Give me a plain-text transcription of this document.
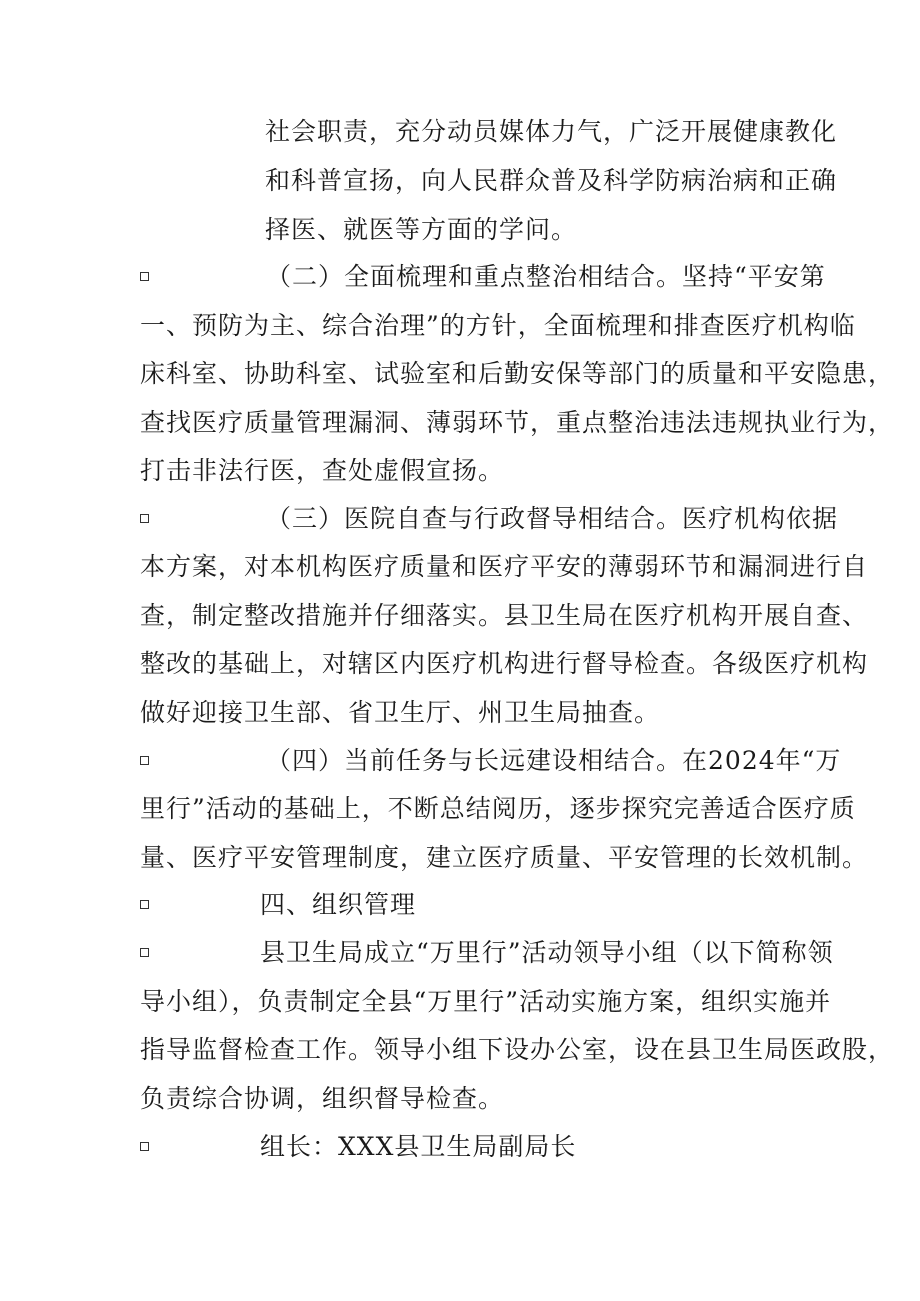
社会职责，充分动员媒体力气，广泛开展健康教化
和科普宣扬，向人民群众普及科学防病治病和正确
择医、就医等方面的学问。
（二）全面梳理和重点整治相结合。坚持“平安第
一、预防为主、综合治理”的方针，全面梳理和排查医疗机构临
床科室、协助科室、试验室和后勤安保等部门的质量和平安隐患，
查找医疗质量管理漏洞、薄弱环节，重点整治违法违规执业行为，
打击非法行医，查处虚假宣扬。
（三）医院自查与行政督导相结合。医疗机构依据
本方案，对本机构医疗质量和医疗平安的薄弱环节和漏洞进行自
查，制定整改措施并仔细落实。县卫生局在医疗机构开展自查、
整改的基础上，对辖区内医疗机构进行督导检查。各级医疗机构
做好迎接卫生部、省卫生厅、州卫生局抽查。
（四）当前任务与长远建设相结合。在2024年“万
里行”活动的基础上，不断总结阅历，逐步探究完善适合医疗质
量、医疗平安管理制度，建立医疗质量、平安管理的长效机制。
四、组织管理
县卫生局成立“万里行”活动领导小组（以下简称领
导小组），负责制定全县“万里行”活动实施方案，组织实施并
指导监督检查工作。领导小组下设办公室，设在县卫生局医政股，
负责综合协调，组织督导检查。
组长：XXX县卫生局副局长
